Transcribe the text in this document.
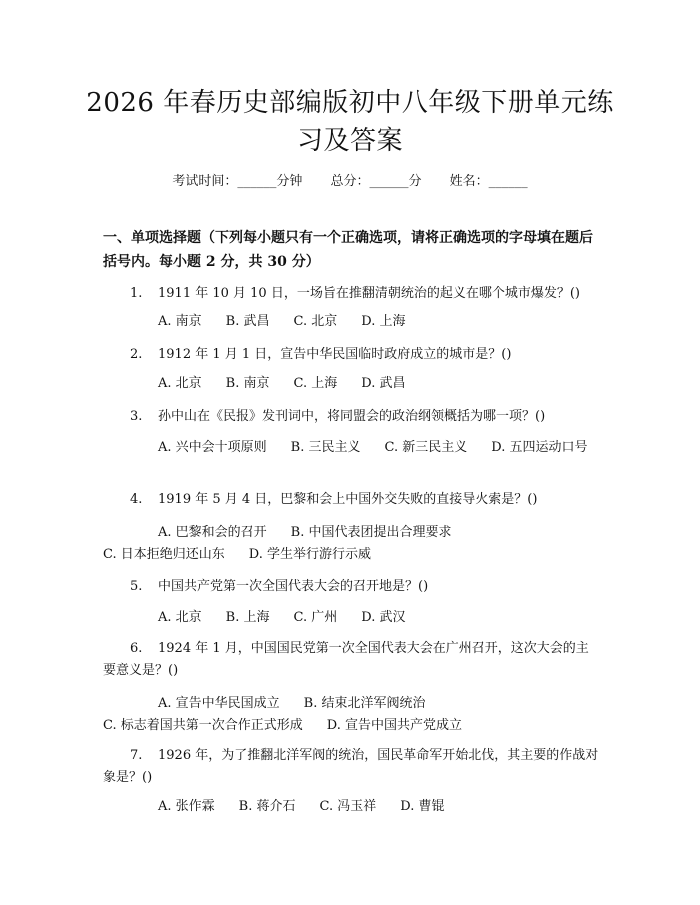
2026 年春历史部编版初中八年级下册单元练
习及答案
考试时间：______分钟 总分：______分 姓名：______
一、单项选择题（下列每小题只有一个正确选项，请将正确选项的字母填在题后括号内。每小题 2 分，共 30 分）
1. 1911 年 10 月 10 日，一场旨在推翻清朝统治的起义在哪个城市爆发？()
A. 南京 B. 武昌 C. 北京 D. 上海
2. 1912 年 1 月 1 日，宣告中华民国临时政府成立的城市是？()
A. 北京 B. 南京 C. 上海 D. 武昌
3. 孙中山在《民报》发刊词中，将同盟会的政治纲领概括为哪一项？()
A. 兴中会十项原则 B. 三民主义 C. 新三民主义 D. 五四运动口号
4. 1919 年 5 月 4 日，巴黎和会上中国外交失败的直接导火索是？()
A. 巴黎和会的召开 B. 中国代表团提出合理要求C. 日本拒绝归还山东 D. 学生举行游行示威
5. 中国共产党第一次全国代表大会的召开地是？()
A. 北京 B. 上海 C. 广州 D. 武汉
6. 1924 年 1 月，中国国民党第一次全国代表大会在广州召开，这次大会的主要意义是？()
A. 宣告中华民国成立 B. 结束北洋军阀统治C. 标志着国共第一次合作正式形成 D. 宣告中国共产党成立
7. 1926 年，为了推翻北洋军阀的统治，国民革命军开始北伐，其主要的作战对象是？()
A. 张作霖 B. 蒋介石 C. 冯玉祥 D. 曹锟
